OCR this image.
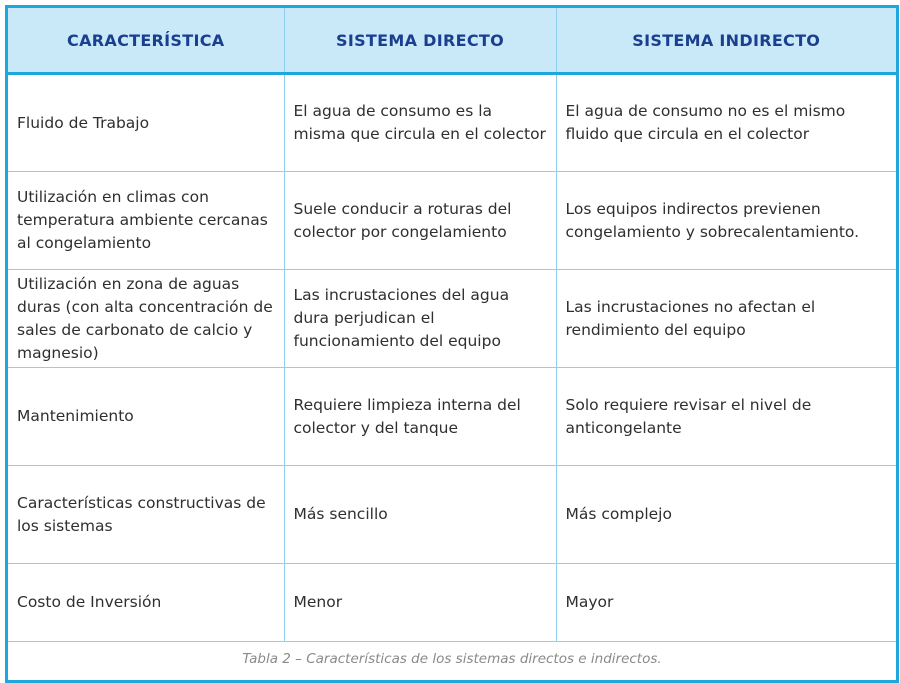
CARACTERÍSTICA	SISTEMA DIRECTO	SISTEMA INDIRECTO
Fluido de Trabajo	El agua de consumo es la misma que circula en el colector	El agua de consumo no es el mismo fluido que circula en el colector
Utilización en climas con temperatura ambiente cercanas al congelamiento	Suele conducir a roturas del colector por congelamiento	Los equipos indirectos previenen congelamiento y sobrecalentamiento.
Utilización en zona de aguas duras (con alta concentración de sales de carbonato de calcio y magnesio)	Las incrustaciones del agua dura perjudican el funcionamiento del equipo	Las incrustaciones no afectan el rendimiento del equipo
Mantenimiento	Requiere limpieza interna del colector y del tanque	Solo requiere revisar el nivel de anticongelante
Características constructivas de los sistemas	Más sencillo	Más complejo
Costo de Inversión	Menor	Mayor
Tabla 2 – Características de los sistemas directos e indirectos.
